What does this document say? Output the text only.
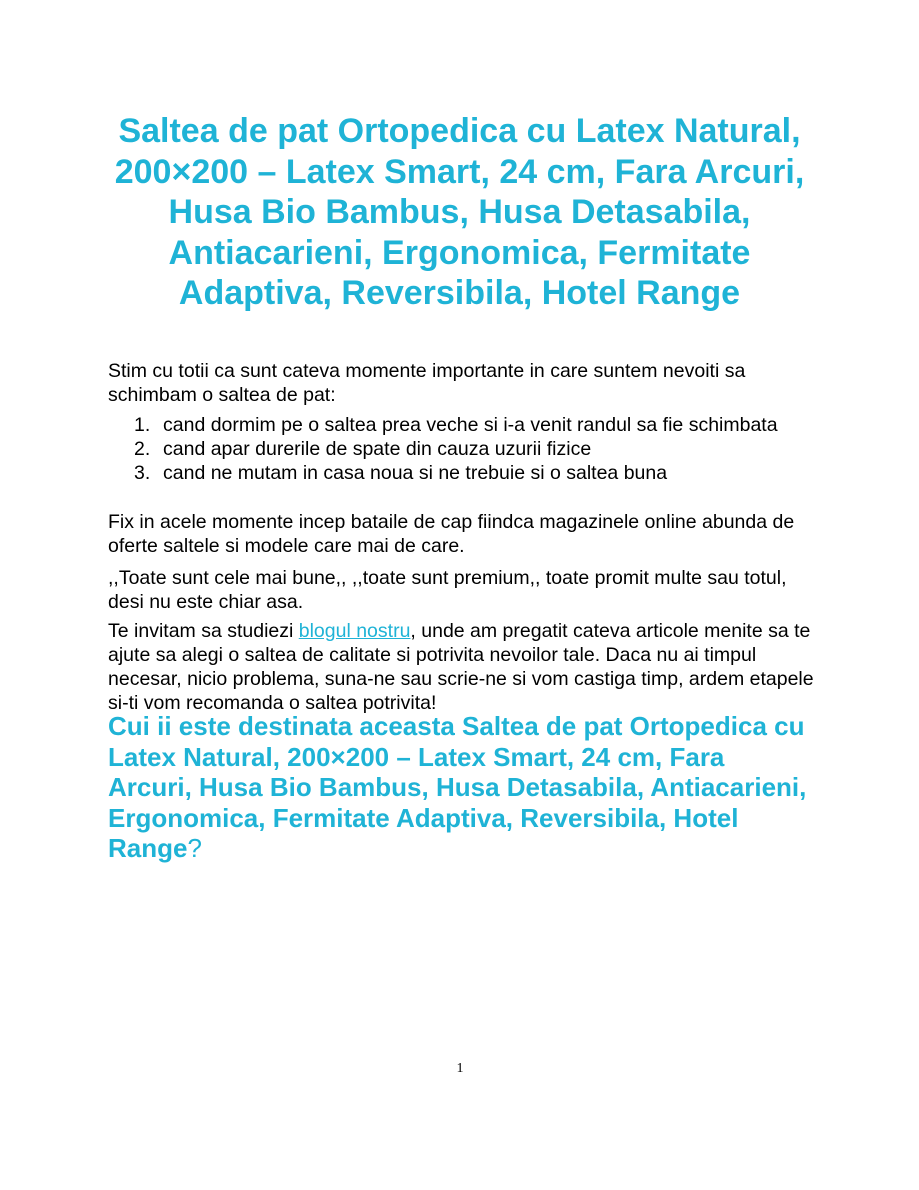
Saltea de pat Ortopedica cu Latex Natural, 200×200 – Latex Smart, 24 cm, Fara Arcuri, Husa Bio Bambus, Husa Detasabila, Antiacarieni, Ergonomica, Fermitate Adaptiva, Reversibila, Hotel Range

Stim cu totii ca sunt cateva momente importante in care suntem nevoiti sa schimbam o saltea de pat:

1. cand dormim pe o saltea prea veche si i-a venit randul sa fie schimbata
2. cand apar durerile de spate din cauza uzurii fizice
3. cand ne mutam in casa noua si ne trebuie si o saltea buna

Fix in acele momente incep bataile de cap fiindca magazinele online abunda de oferte saltele si modele care mai de care.

,,Toate sunt cele mai bune,, ,,toate sunt premium,, toate promit multe sau totul, desi nu este chiar asa.

Te invitam sa studiezi blogul nostru, unde am pregatit cateva articole menite sa te ajute sa alegi o saltea de calitate si potrivita nevoilor tale. Daca nu ai timpul necesar, nicio problema, suna-ne sau scrie-ne si vom castiga timp, ardem etapele si-ti vom recomanda o saltea potrivita!

Cui ii este destinata aceasta Saltea de pat Ortopedica cu Latex Natural, 200×200 – Latex Smart, 24 cm, Fara Arcuri, Husa Bio Bambus, Husa Detasabila, Antiacarieni, Ergonomica, Fermitate Adaptiva, Reversibila, Hotel Range?
1
